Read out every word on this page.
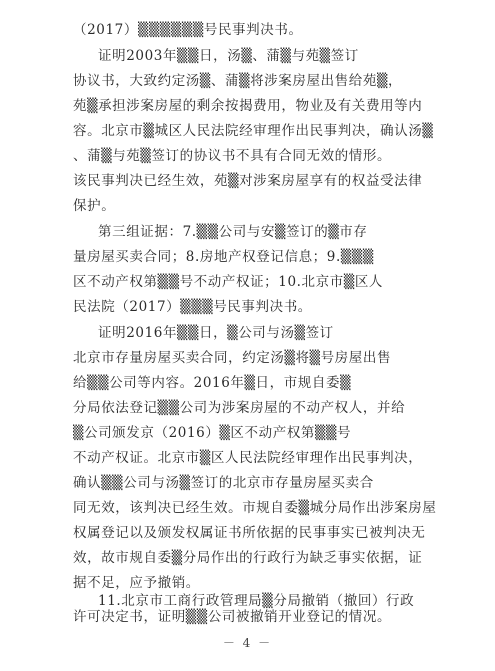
（2017）▒▒▒▒▒▒号民事判决书。
证明2003年▒▒日，汤▒、蒲▒与苑▒签订
协议书，大致约定汤▒、蒲▒将涉案房屋出售给苑▒，
苑▒承担涉案房屋的剩余按揭费用，物业及有关费用等内
容。北京市▒城区人民法院经审理作出民事判决，确认汤▒
、蒲▒与苑▒签订的协议书不具有合同无效的情形。
该民事判决已经生效，苑▒对涉案房屋享有的权益受法律
保护。
第三组证据：7.▒▒公司与安▒签订的▒市存
量房屋买卖合同；8.房地产权登记信息；9.▒▒▒
区不动产权第▒▒号不动产权证；10.北京市▒区人
民法院（2017）▒▒▒号民事判决书。
证明2016年▒▒日，▒公司与汤▒签订
北京市存量房屋买卖合同，约定汤▒将▒号房屋出售
给▒▒公司等内容。2016年▒日，市规自委▒
分局依法登记▒▒公司为涉案房屋的不动产权人，并给
▒公司颁发京（2016）▒区不动产权第▒▒号
不动产权证。北京市▒区人民法院经审理作出民事判决，
确认▒▒公司与汤▒签订的北京市存量房屋买卖合
同无效，该判决已经生效。市规自委▒城分局作出涉案房屋
权属登记以及颁发权属证书所依据的民事事实已被判决无
效，故市规自委▒分局作出的行政行为缺乏事实依据，证
据不足，应予撤销。
11.北京市工商行政管理局▒分局撤销（撤回）行政
许可决定书，证明▒▒公司被撤销开业登记的情况。
－ 4 －
